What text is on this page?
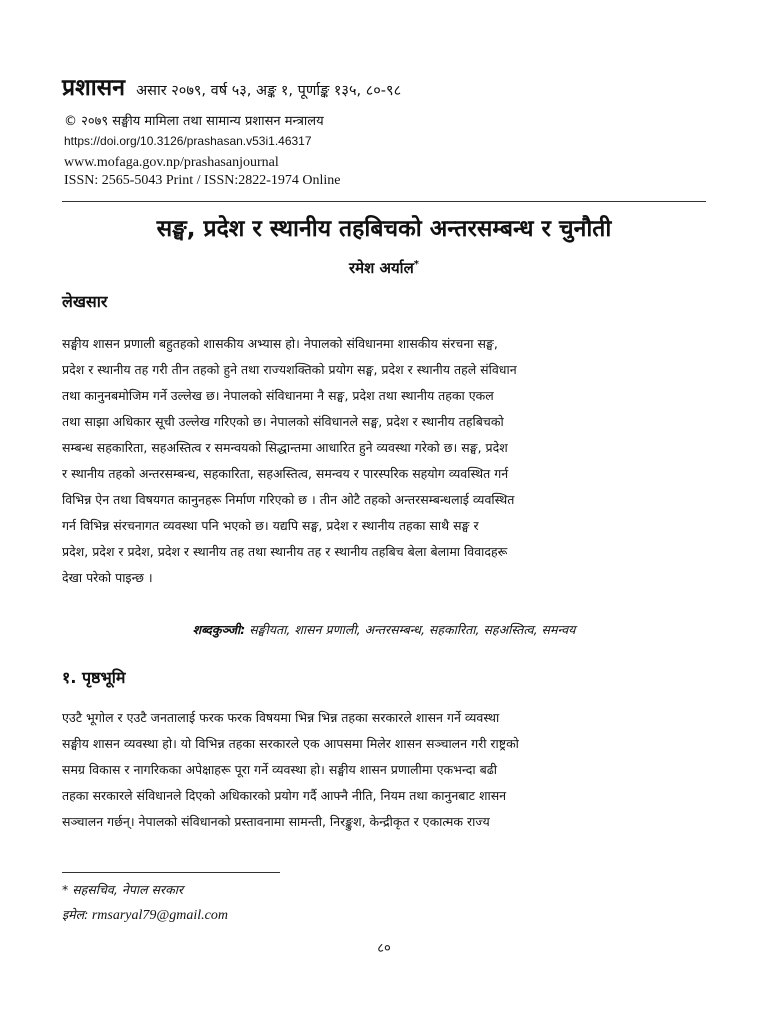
प्रशासन असार २०७९, वर्ष ५३, अङ्क १, पूर्णाङ्क १३५, ८०-९८
© २०७९ सङ्घीय मामिला तथा सामान्य प्रशासन मन्त्रालय
https://doi.org/10.3126/prashasan.v53i1.46317
www.mofaga.gov.np/prashasanjournal
ISSN: 2565-5043 Print / ISSN:2822-1974 Online
सङ्घ, प्रदेश र स्थानीय तहबिचको अन्तरसम्बन्ध र चुनौती
रमेश अर्याल*
लेखसार
सङ्घीय शासन प्रणाली बहुतहको शासकीय अभ्यास हो। नेपालको संविधानमा शासकीय संरचना सङ्घ,
प्रदेश र स्थानीय तह गरी तीन तहको हुने तथा राज्यशक्तिको प्रयोग सङ्घ, प्रदेश र स्थानीय तहले संविधान
तथा कानुनबमोजिम गर्ने उल्लेख छ। नेपालको संविधानमा नै सङ्घ, प्रदेश तथा स्थानीय तहका एकल
तथा साझा अधिकार सूची उल्लेख गरिएको छ। नेपालको संविधानले सङ्घ, प्रदेश र स्थानीय तहबिचको
सम्बन्ध सहकारिता, सहअस्तित्व र समन्वयको सिद्धान्तमा आधारित हुने व्यवस्था गरेको छ। सङ्घ, प्रदेश
र स्थानीय तहको अन्तरसम्बन्ध, सहकारिता, सहअस्तित्व, समन्वय र पारस्परिक सहयोग व्यवस्थित गर्न
विभिन्न ऐन तथा विषयगत कानुनहरू निर्माण गरिएको छ । तीन ओटै तहको अन्तरसम्बन्धलाई व्यवस्थित
गर्न विभिन्न संरचनागत व्यवस्था पनि भएको छ। यद्यपि सङ्घ, प्रदेश र स्थानीय तहका साथै सङ्घ र
प्रदेश, प्रदेश र प्रदेश, प्रदेश र स्थानीय तह तथा स्थानीय तह र स्थानीय तहबिच बेला बेलामा विवादहरू
देखा परेको पाइन्छ ।
शब्दकुञ्जी: सङ्घीयता, शासन प्रणाली, अन्तरसम्बन्ध, सहकारिता, सहअस्तित्व, समन्वय
१. पृष्ठभूमि
एउटै भूगोल र एउटै जनतालाई फरक फरक विषयमा भिन्न भिन्न तहका सरकारले शासन गर्ने व्यवस्था
सङ्घीय शासन व्यवस्था हो। यो विभिन्न तहका सरकारले एक आपसमा मिलेर शासन सञ्चालन गरी राष्ट्रको
समग्र विकास र नागरिकका अपेक्षाहरू पूरा गर्ने व्यवस्था हो। सङ्घीय शासन प्रणालीमा एकभन्दा बढी
तहका सरकारले संविधानले दिएको अधिकारको प्रयोग गर्दै आफ्नै नीति, नियम तथा कानुनबाट शासन
सञ्चालन गर्छन्। नेपालको संविधानको प्रस्तावनामा सामन्ती, निरङ्कुश, केन्द्रीकृत र एकात्मक राज्य
* सहसचिव, नेपाल सरकार
इमेल: rmsaryal79@gmail.com
८०
